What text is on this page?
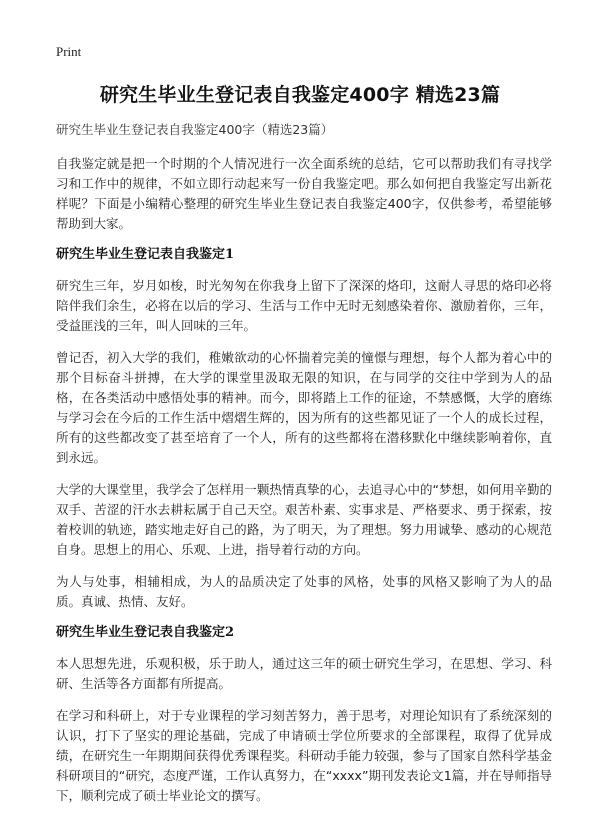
Print
研究生毕业生登记表自我鉴定400字 精选23篇
研究生毕业生登记表自我鉴定400字（精选23篇）

自我鉴定就是把一个时期的个人情况进行一次全面系统的总结，它可以帮助我们有寻找学习和工作中的规律，不如立即行动起来写一份自我鉴定吧。那么如何把自我鉴定写出新花样呢？下面是小编精心整理的研究生毕业生登记表自我鉴定400字，仅供参考，希望能够帮助到大家。

研究生毕业生登记表自我鉴定1

研究生三年，岁月如梭，时光匆匆在你我身上留下了深深的烙印，这耐人寻思的烙印必将陪伴我们余生，必将在以后的学习、生活与工作中无时无刻感染着你、激励着你，三年，受益匪浅的三年，叫人回味的三年。

曾记否，初入大学的我们，稚嫩欲动的心怀揣着完美的憧憬与理想，每个人都为着心中的那个目标奋斗拼搏，在大学的课堂里汲取无限的知识，在与同学的交往中学到为人的品格，在各类活动中感悟处事的精神。而今，即将踏上工作的征途，不禁感慨，大学的磨练与学习会在今后的工作生活中熠熠生辉的，因为所有的这些都见证了一个人的成长过程，所有的这些都改变了甚至培育了一个人，所有的这些都将在潜移默化中继续影响着你，直到永远。

大学的大课堂里，我学会了怎样用一颗热情真挚的心，去追寻心中的“梦想，如何用辛勤的双手、苦涩的汗水去耕耘属于自己天空。艰苦朴素、实事求是、严格要求、勇于探索，按着校训的轨迹，踏实地走好自己的路，为了明天，为了理想。努力用诚挚、感动的心规范自身。思想上的用心、乐观、上进，指导着行动的方向。

为人与处事，相辅相成，为人的品质决定了处事的风格，处事的风格又影响了为人的品质。真诚、热情、友好。

研究生毕业生登记表自我鉴定2

本人思想先进，乐观积极，乐于助人，通过这三年的硕士研究生学习，在思想、学习、科研、生活等各方面都有所提高。

在学习和科研上，对于专业课程的学习刻苦努力，善于思考，对理论知识有了系统深刻的认识，打下了坚实的理论基础，完成了申请硕士学位所要求的全部课程，取得了优异成绩，在研究生一年期期间获得优秀课程奖。科研动手能力较强，参与了国家自然科学基金科研项目的“研究，态度严谨，工作认真努力，在“xxxx”期刊发表论文1篇，并在导师指导下，顺利完成了硕士毕业论文的撰写。
